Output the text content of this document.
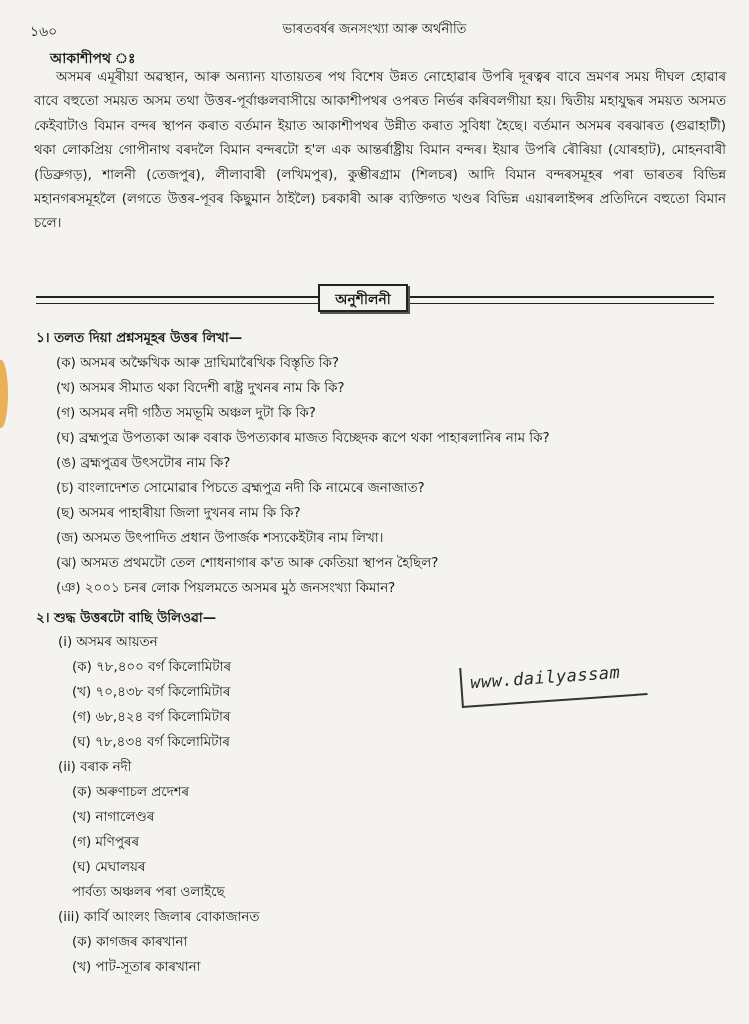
১৬০	ভাৰতবৰ্ষৰ জনসংখ্যা আৰু অৰ্থনীতি
আকাশীপথ ঃ

অসমৰ এমূৰীয়া অৱস্থান, আৰু অন্যান্য যাতায়তৰ পথ বিশেষ উন্নত নোহোৱাৰ উপৰি দূৰত্বৰ বাবে ভ্ৰমণৰ সময় দীঘল হোৱাৰ বাবে বহুতো সময়ত অসম তথা উত্তৰ-পূৰ্বাঞ্চলবাসীয়ে আকাশীপথৰ ওপৰত নিৰ্ভৰ কৰিবলগীয়া হয়। দ্বিতীয় মহাযুদ্ধৰ সময়ত অসমত কেইবাটাও বিমান বন্দৰ স্থাপন কৰাত বৰ্তমান ইয়াত আকাশীপথৰ উন্নীত কৰাত সুবিধা হৈছে। বৰ্তমান অসমৰ বৰঝাৰত (গুৱাহাটী) থকা লোকপ্ৰিয় গোপীনাথ বৰদলৈ বিমান বন্দৰটো হ'ল এক আন্তৰ্ৰাষ্ট্ৰীয় বিমান বন্দৰ। ইয়াৰ উপৰি ৰৌৰিয়া (যোৰহাট), মোহনবাৰী (ডিব্ৰুগড়), শালনী (তেজপুৰ), লীলাবাৰী (লখিমপুৰ), কুম্ভীৰগ্ৰাম (শিলচৰ) আদি বিমান বন্দৰসমূহৰ পৰা ভাৰতৰ বিভিন্ন মহানগৰসমূহলৈ (লগতে উত্তৰ-পূবৰ কিছুমান ঠাইলৈ) চৰকাৰী আৰু ব্যক্তিগত খণ্ডৰ বিভিন্ন এয়াৰলাইন্সৰ প্ৰতিদিনে বহুতো বিমান চলে।

অনুশীলনী
১। তলত দিয়া প্ৰশ্নসমূহৰ উত্তৰ লিখা—
(ক) অসমৰ অক্ষৈখিক আৰু দ্ৰাঘিমাৰৈখিক বিস্তৃতি কি?
(খ) অসমৰ সীমাত থকা বিদেশী ৰাষ্ট্ৰ দুখনৰ নাম কি কি?
(গ) অসমৰ নদী গঠিত সমভূমি অঞ্চল দুটা কি কি?
(ঘ) ব্ৰহ্মপুত্ৰ উপত্যকা আৰু বৰাক উপত্যকাৰ মাজত বিচ্ছেদক ৰূপে থকা পাহাৰলানিৰ নাম কি?
(ঙ) ব্ৰহ্মপুত্ৰৰ উৎসটোৰ নাম কি?
(চ) বাংলাদেশত সোমোৱাৰ পিচতে ব্ৰহ্মপুত্ৰ নদী কি নামেৰে জনাজাত?
(ছ) অসমৰ পাহাৰীয়া জিলা দুখনৰ নাম কি কি?
(জ) অসমত উৎপাদিত প্ৰধান উপাৰ্জক শস্যকেইটাৰ নাম লিখা।
(ঝ) অসমত প্ৰথমটো তেল শোধনাগাৰ ক'ত আৰু কেতিয়া স্থাপন হৈছিল?
(ঞ) ২০০১ চনৰ লোক পিয়লমতে অসমৰ মুঠ জনসংখ্যা কিমান?
২। শুদ্ধ উত্তৰটো বাছি উলিওৱা—
(i) অসমৰ আয়তন
(ক) ৭৮,৪০০ বৰ্গ কিলোমিটাৰ
(খ) ৭০,৪৩৮ বৰ্গ কিলোমিটাৰ
(গ) ৬৮,৪২৪ বৰ্গ কিলোমিটাৰ
(ঘ) ৭৮,৪৩৪ বৰ্গ কিলোমিটাৰ
(ii) বৰাক নদী
(ক) অৰুণাচল প্ৰদেশৰ
(খ) নাগালেণ্ডৰ
(গ) মণিপুৰৰ
(ঘ) মেঘালয়ৰ
পাৰ্বত্য অঞ্চলৰ পৰা ওলাইছে
(iii) কাৰ্বি আংলং জিলাৰ বোকাজানত
(ক) কাগজৰ কাৰখানা
(খ) পাট-সূতাৰ কাৰখানা
www.dailyassam
